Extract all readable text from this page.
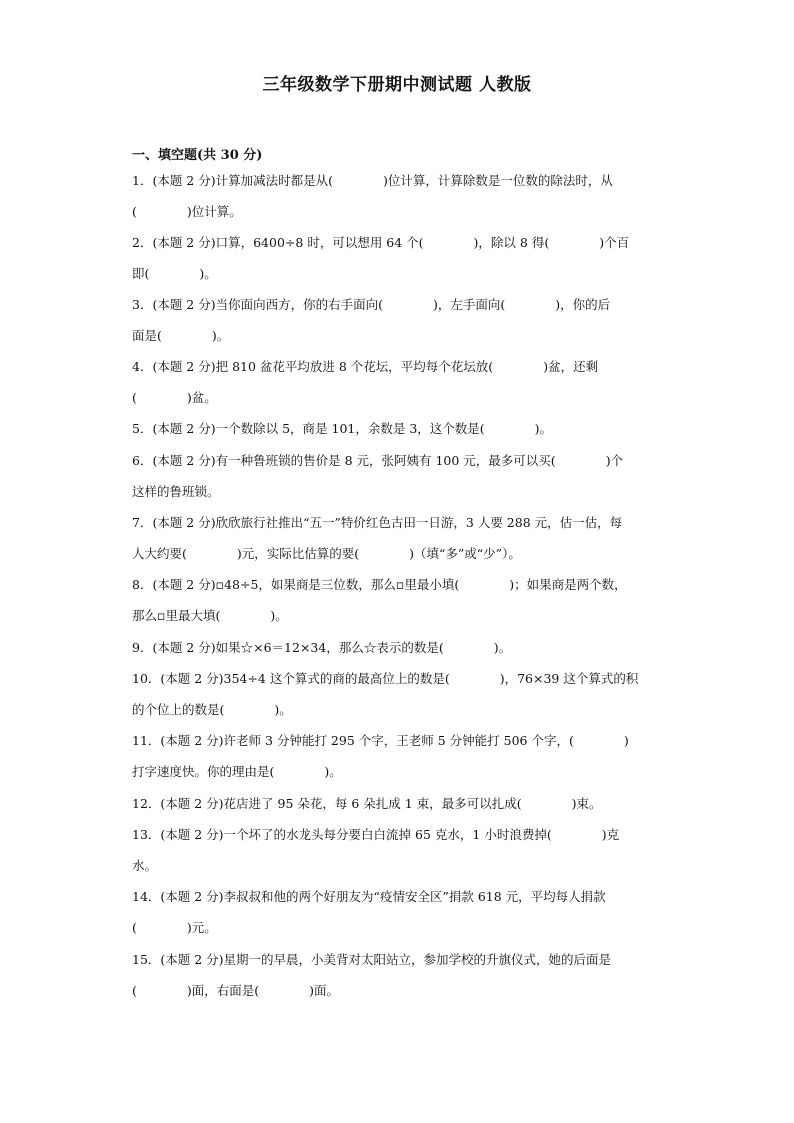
三年级数学下册期中测试题 人教版
一、填空题(共 30 分)
1．(本题 2 分)计算加减法时都是从(　　　　)位计算，计算除数是一位数的除法时，从
(　　　　)位计算。
2．(本题 2 分)口算，6400÷8 时，可以想用 64 个(　　　　)，除以 8 得(　　　　)个百
即(　　　　)。
3．(本题 2 分)当你面向西方，你的右手面向(　　　　)，左手面向(　　　　)，你的后
面是(　　　　)。
4．(本题 2 分)把 810 盆花平均放进 8 个花坛，平均每个花坛放(　　　　)盆，还剩
(　　　　)盆。
5．(本题 2 分)一个数除以 5，商是 101，余数是 3，这个数是(　　　　)。
6．(本题 2 分)有一种鲁班锁的售价是 8 元，张阿姨有 100 元，最多可以买(　　　　)个
这样的鲁班锁。
7．(本题 2 分)欣欣旅行社推出“五一”特价红色古田一日游，3 人要 288 元，估一估，每
人大约要(　　　　)元，实际比估算的要(　　　　)（填“多”或“少”）。
8．(本题 2 分)▫48÷5，如果商是三位数，那么▫里最小填(　　　　)；如果商是两个数，
那么▫里最大填(　　　　)。
9．(本题 2 分)如果☆×6＝12×34，那么☆表示的数是(　　　　)。
10．(本题 2 分)354÷4 这个算式的商的最高位上的数是(　　　　)，76×39 这个算式的积
的个位上的数是(　　　　)。
11．(本题 2 分)许老师 3 分钟能打 295 个字，王老师 5 分钟能打 506 个字，(　　　　)
打字速度快。你的理由是(　　　　)。
12．(本题 2 分)花店进了 95 朵花，每 6 朵扎成 1 束，最多可以扎成(　　　　)束。
13．(本题 2 分)一个坏了的水龙头每分要白白流掉 65 克水，1 小时浪费掉(　　　　)克
水。
14．(本题 2 分)李叔叔和他的两个好朋友为“疫情安全区”捐款 618 元，平均每人捐款
(　　　　)元。
15．(本题 2 分)星期一的早晨，小美背对太阳站立，参加学校的升旗仪式，她的后面是
(　　　　)面，右面是(　　　　)面。
